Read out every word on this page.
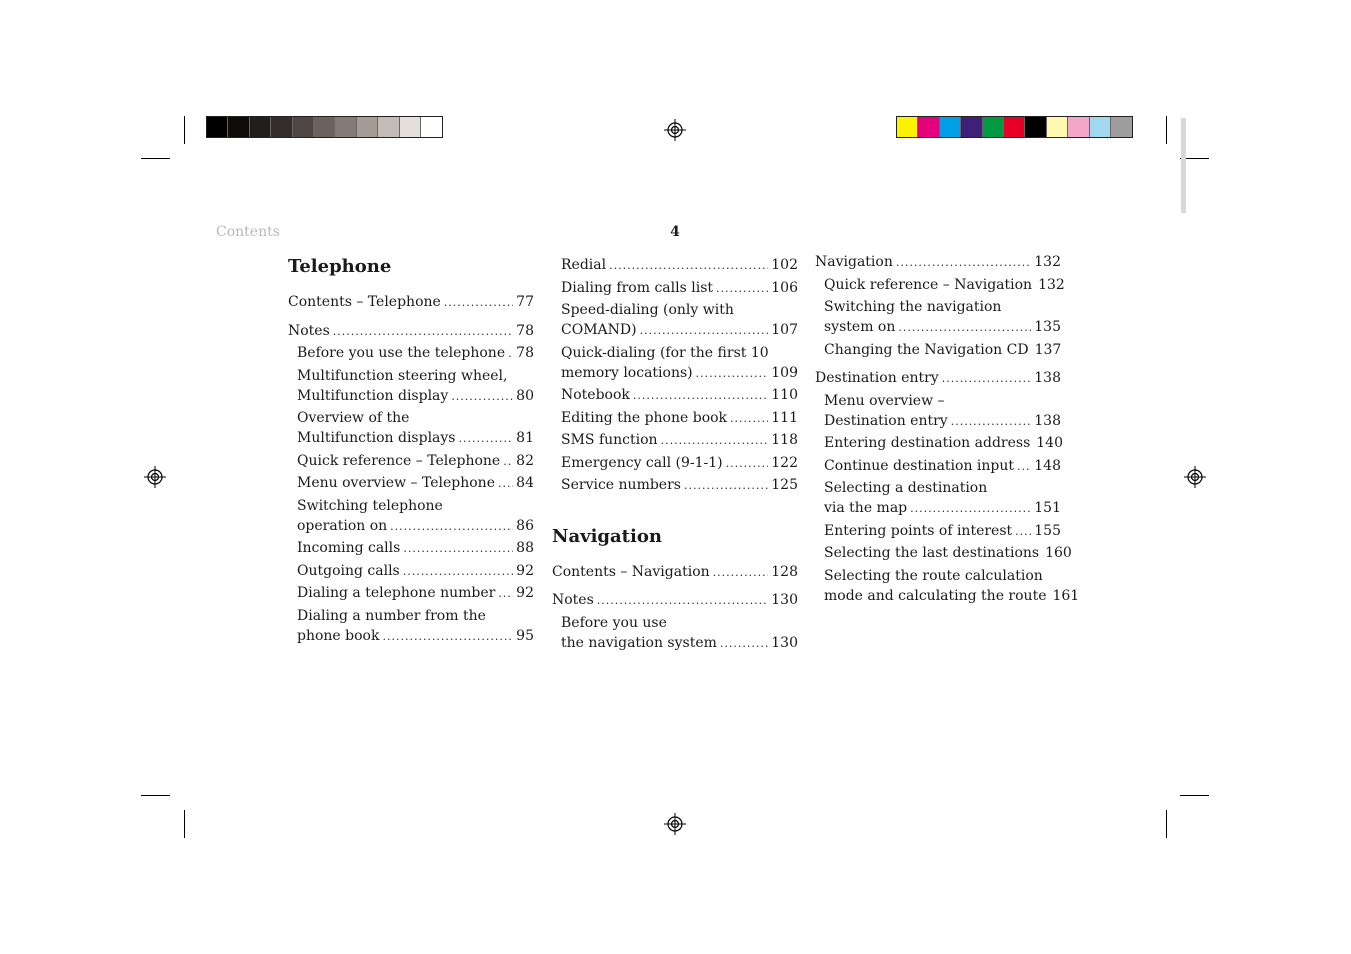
Contents	4
Telephone
Contents – Telephone .....	77
Notes .....	78
Before you use the telephone ..... 78
Multifunction steering wheel,
Multifunction display .....	80
Overview of the
Multifunction displays .....	81
Quick reference – Telephone ..... 82
Menu overview – Telephone ..... 84
Switching telephone
operation on .....	86
Incoming calls .....	88
Outgoing calls .....	92
Dialing a telephone number ..... 92
Dialing a number from the
phone book .....	95
Redial .....	102
Dialing from calls list .....	106
Speed-dialing (only with
COMAND) .....	107
Quick-dialing (for the first 10
memory locations) .....	109
Notebook .....	110
Editing the phone book .....	111
SMS function .....	118
Emergency call (9-1-1) .....	122
Service numbers .....	125
Navigation
Contents – Navigation .....	128
Notes .....	130
Before you use
the navigation system .....	130
Navigation .....	132
Quick reference – Navigation 132
Switching the navigation
system on .....	135
Changing the Navigation CD 137
Destination entry .....	138
Menu overview –
Destination entry .....	138
Entering destination address 140
Continue destination input ..... 148
Selecting a destination
via the map .....	151
Entering points of interest ..... 155
Selecting the last destinations 160
Selecting the route calculation
mode and calculating the route 161
